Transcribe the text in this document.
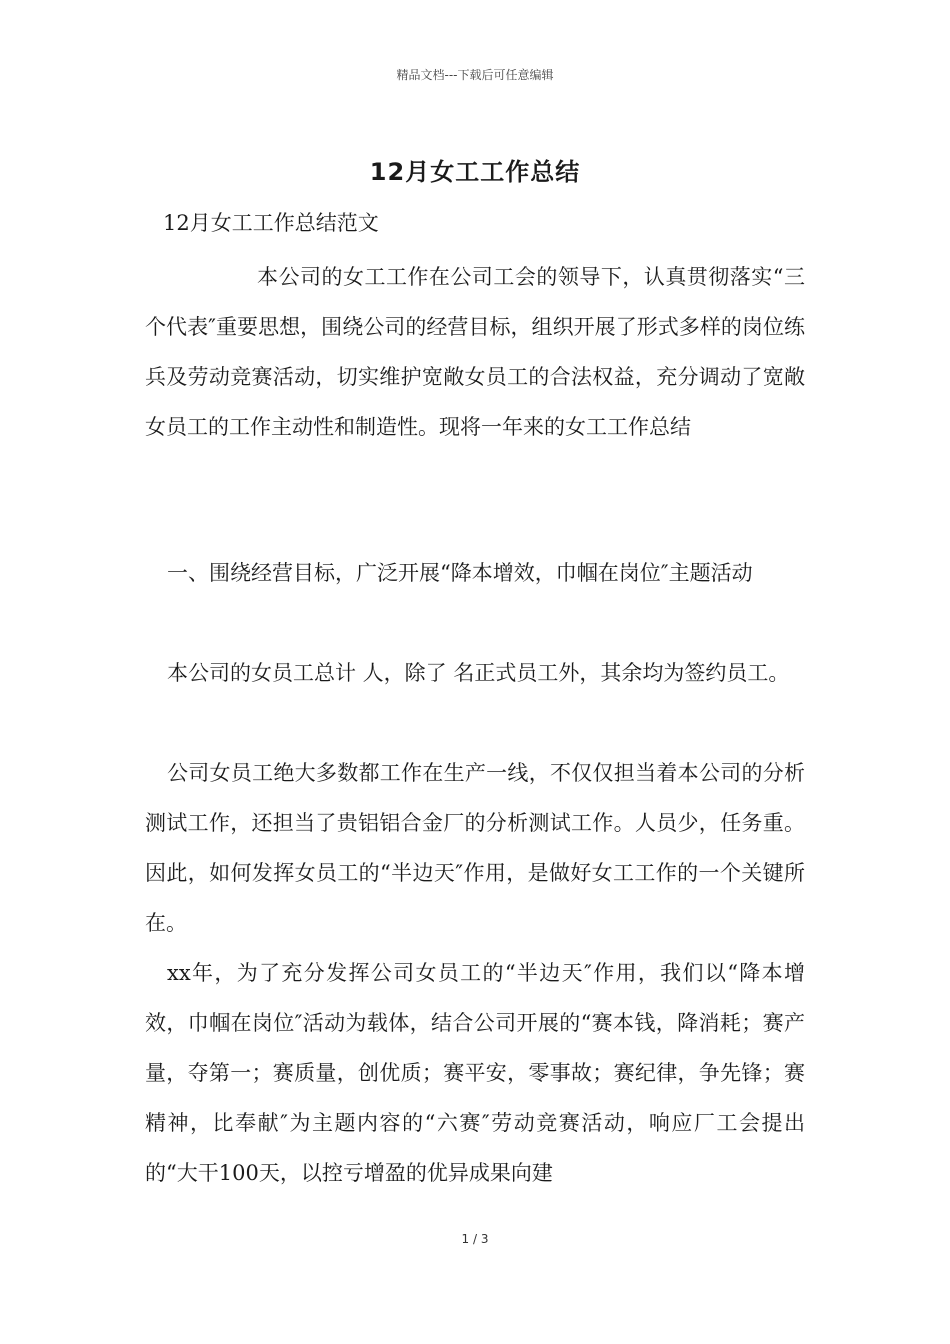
精品文档---下载后可任意编辑
12月女工工作总结
12月女工工作总结范文

本公司的女工工作在公司工会的领导下，认真贯彻落实“三个代表″重要思想，围绕公司的经营目标，组织开展了形式多样的岗位练兵及劳动竞赛活动，切实维护宽敞女员工的合法权益，充分调动了宽敞女员工的工作主动性和制造性。现将一年来的女工工作总结

一、围绕经营目标，广泛开展“降本增效，巾帼在岗位″主题活动

本公司的女员工总计 人，除了 名正式员工外，其余均为签约员工。

公司女员工绝大多数都工作在生产一线，不仅仅担当着本公司的分析测试工作，还担当了贵铝铝合金厂的分析测试工作。人员少，任务重。因此，如何发挥女员工的“半边天″作用，是做好女工工作的一个关键所在。

xx年，为了充分发挥公司女员工的“半边天″作用，我们以“降本增效，巾帼在岗位″活动为载体，结合公司开展的“赛本钱，降消耗；赛产量，夺第一；赛质量，创优质；赛平安，零事故；赛纪律，争先锋；赛精神，比奉献″为主题内容的“六赛″劳动竞赛活动，响应厂工会提出的“大干100天，以控亏增盈的优异成果向建

1 / 3
